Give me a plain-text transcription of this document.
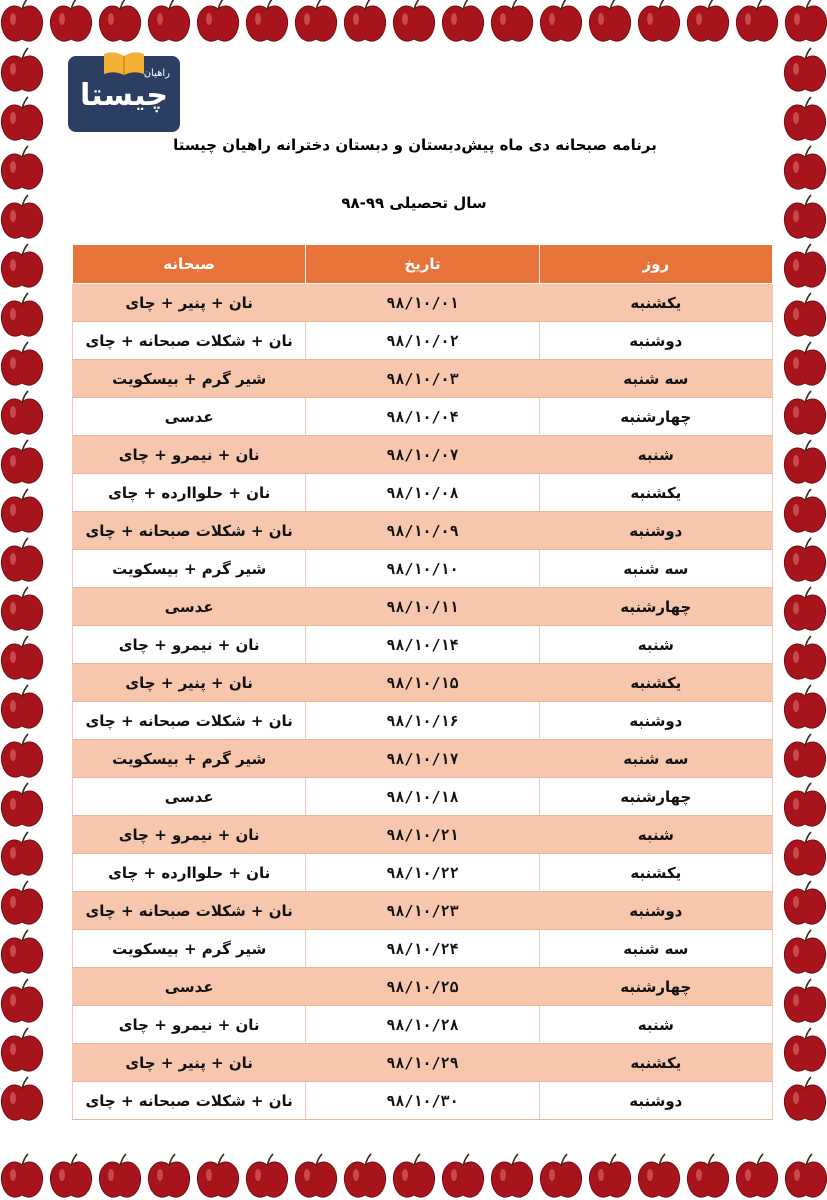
راهیان
چیستا
برنامه صبحانه دی ماه پیش‌دبستان و دبستان دخترانه راهیان چیستا
سال تحصیلی ۹۹-۹۸
روز	تاریخ	صبحانه
یکشنبه	۹۸/۱۰/۰۱	نان + پنیر + چای
دوشنبه	۹۸/۱۰/۰۲	نان + شکلات صبحانه + چای
سه شنبه	۹۸/۱۰/۰۳	شیر گرم + بیسکویت
چهارشنبه	۹۸/۱۰/۰۴	عدسی
شنبه	۹۸/۱۰/۰۷	نان + نیمرو + چای
یکشنبه	۹۸/۱۰/۰۸	نان + حلواارده + چای
دوشنبه	۹۸/۱۰/۰۹	نان + شکلات صبحانه + چای
سه شنبه	۹۸/۱۰/۱۰	شیر گرم + بیسکویت
چهارشنبه	۹۸/۱۰/۱۱	عدسی
شنبه	۹۸/۱۰/۱۴	نان + نیمرو + چای
یکشنبه	۹۸/۱۰/۱۵	نان + پنیر + چای
دوشنبه	۹۸/۱۰/۱۶	نان + شکلات صبحانه + چای
سه شنبه	۹۸/۱۰/۱۷	شیر گرم + بیسکویت
چهارشنبه	۹۸/۱۰/۱۸	عدسی
شنبه	۹۸/۱۰/۲۱	نان + نیمرو + چای
یکشنبه	۹۸/۱۰/۲۲	نان + حلواارده + چای
دوشنبه	۹۸/۱۰/۲۳	نان + شکلات صبحانه + چای
سه شنبه	۹۸/۱۰/۲۴	شیر گرم + بیسکویت
چهارشنبه	۹۸/۱۰/۲۵	عدسی
شنبه	۹۸/۱۰/۲۸	نان + نیمرو + چای
یکشنبه	۹۸/۱۰/۲۹	نان + پنیر + چای
دوشنبه	۹۸/۱۰/۳۰	نان + شکلات صبحانه + چای
